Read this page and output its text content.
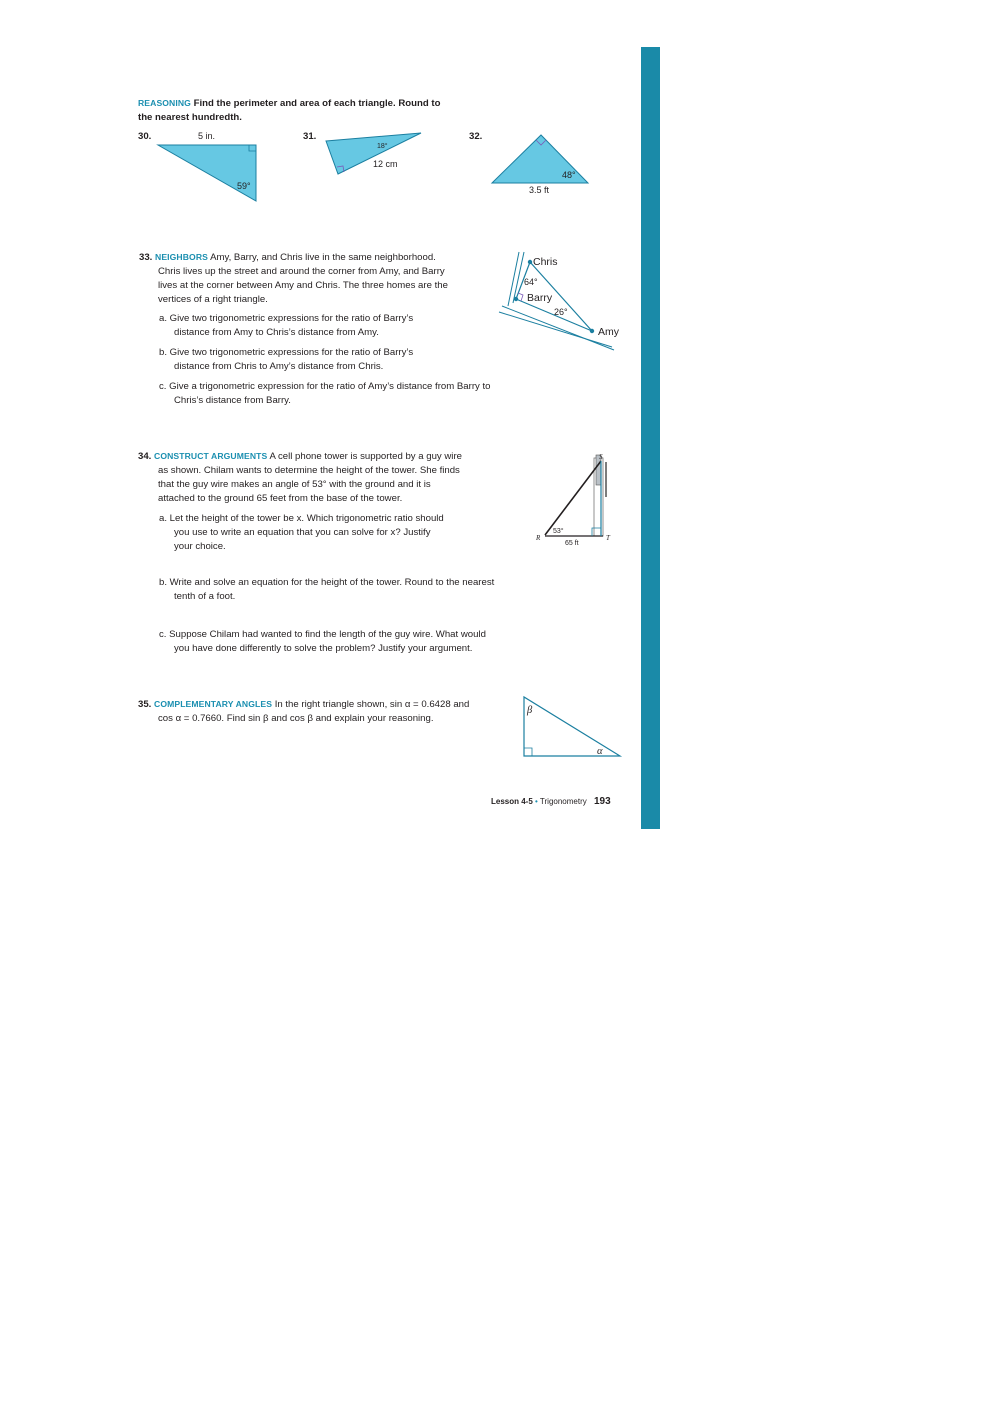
REASONING Find the perimeter and area of each triangle. Round to

the nearest hundredth.

30.	5 in.
59°
31.
18°
12 cm
32.
48°
3.5 ft

33. NEIGHBORS Amy, Barry, and Chris live in the same neighborhood.

Chris lives up the street and around the corner from Amy, and Barry

lives at the corner between Amy and Chris. The three homes are the

vertices of a right triangle.

a. Give two trigonometric expressions for the ratio of Barry’s

distance from Amy to Chris’s distance from Amy.

b. Give two trigonometric expressions for the ratio of Barry’s

distance from Chris to Amy’s distance from Chris.

c. Give a trigonometric expression for the ratio of Amy’s distance from Barry to

Chris’s distance from Barry.

Chris
Barry
Amy
64°
26°

34. CONSTRUCT ARGUMENTS A cell phone tower is supported by a guy wire

as shown. Chilam wants to determine the height of the tower. She finds

that the guy wire makes an angle of 53° with the ground and it is

attached to the ground 65 feet from the base of the tower.

a. Let the height of the tower be x. Which trigonometric ratio should

you use to write an equation that you can solve for x? Justify

your choice.

b. Write and solve an equation for the height of the tower. Round to the nearest

tenth of a foot.

c. Suppose Chilam had wanted to find the length of the guy wire. What would

you have done differently to solve the problem? Justify your argument.

S
R	T
53°
65 ft

35. COMPLEMENTARY ANGLES In the right triangle shown, sin α = 0.6428 and

cos α = 0.7660. Find sin β and cos β and explain your reasoning.

β
α
Lesson 4-5 • Trigonometry 193
